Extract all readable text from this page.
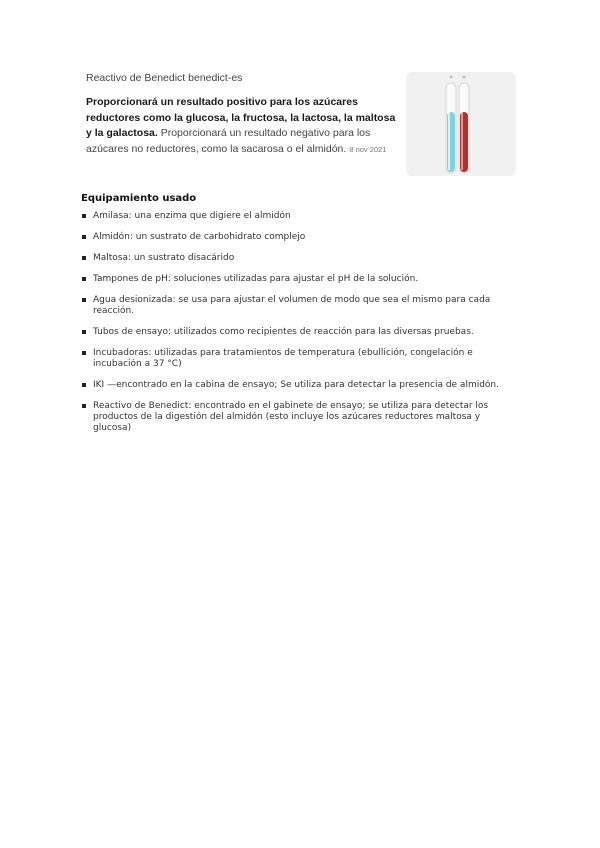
Reactivo de Benedict benedict-es
Proporcionará un resultado positivo para los azúcares reductores como la glucosa, la fructosa, la lactosa, la maltosa y la galactosa. Proporcionará un resultado negativo para los azúcares no reductores, como la sacarosa o el almidón. 8 nov 2021
Equipamiento usado
Amilasa: una enzima que digiere el almidón
Almidón: un sustrato de carbohidrato complejo
Maltosa: un sustrato disacárido
Tampones de pH: soluciones utilizadas para ajustar el pH de la solución.
Agua desionizada: se usa para ajustar el volumen de modo que sea el mismo para cada reacción.
Tubos de ensayo: utilizados como recipientes de reacción para las diversas pruebas.
Incubadoras: utilizadas para tratamientos de temperatura (ebullición, congelación e incubación a 37 °C)
IKI —encontrado en la cabina de ensayo; Se utiliza para detectar la presencia de almidón.
Reactivo de Benedict: encontrado en el gabinete de ensayo; se utiliza para detectar los productos de la digestión del almidón (esto incluye los azúcares reductores maltosa y glucosa)
